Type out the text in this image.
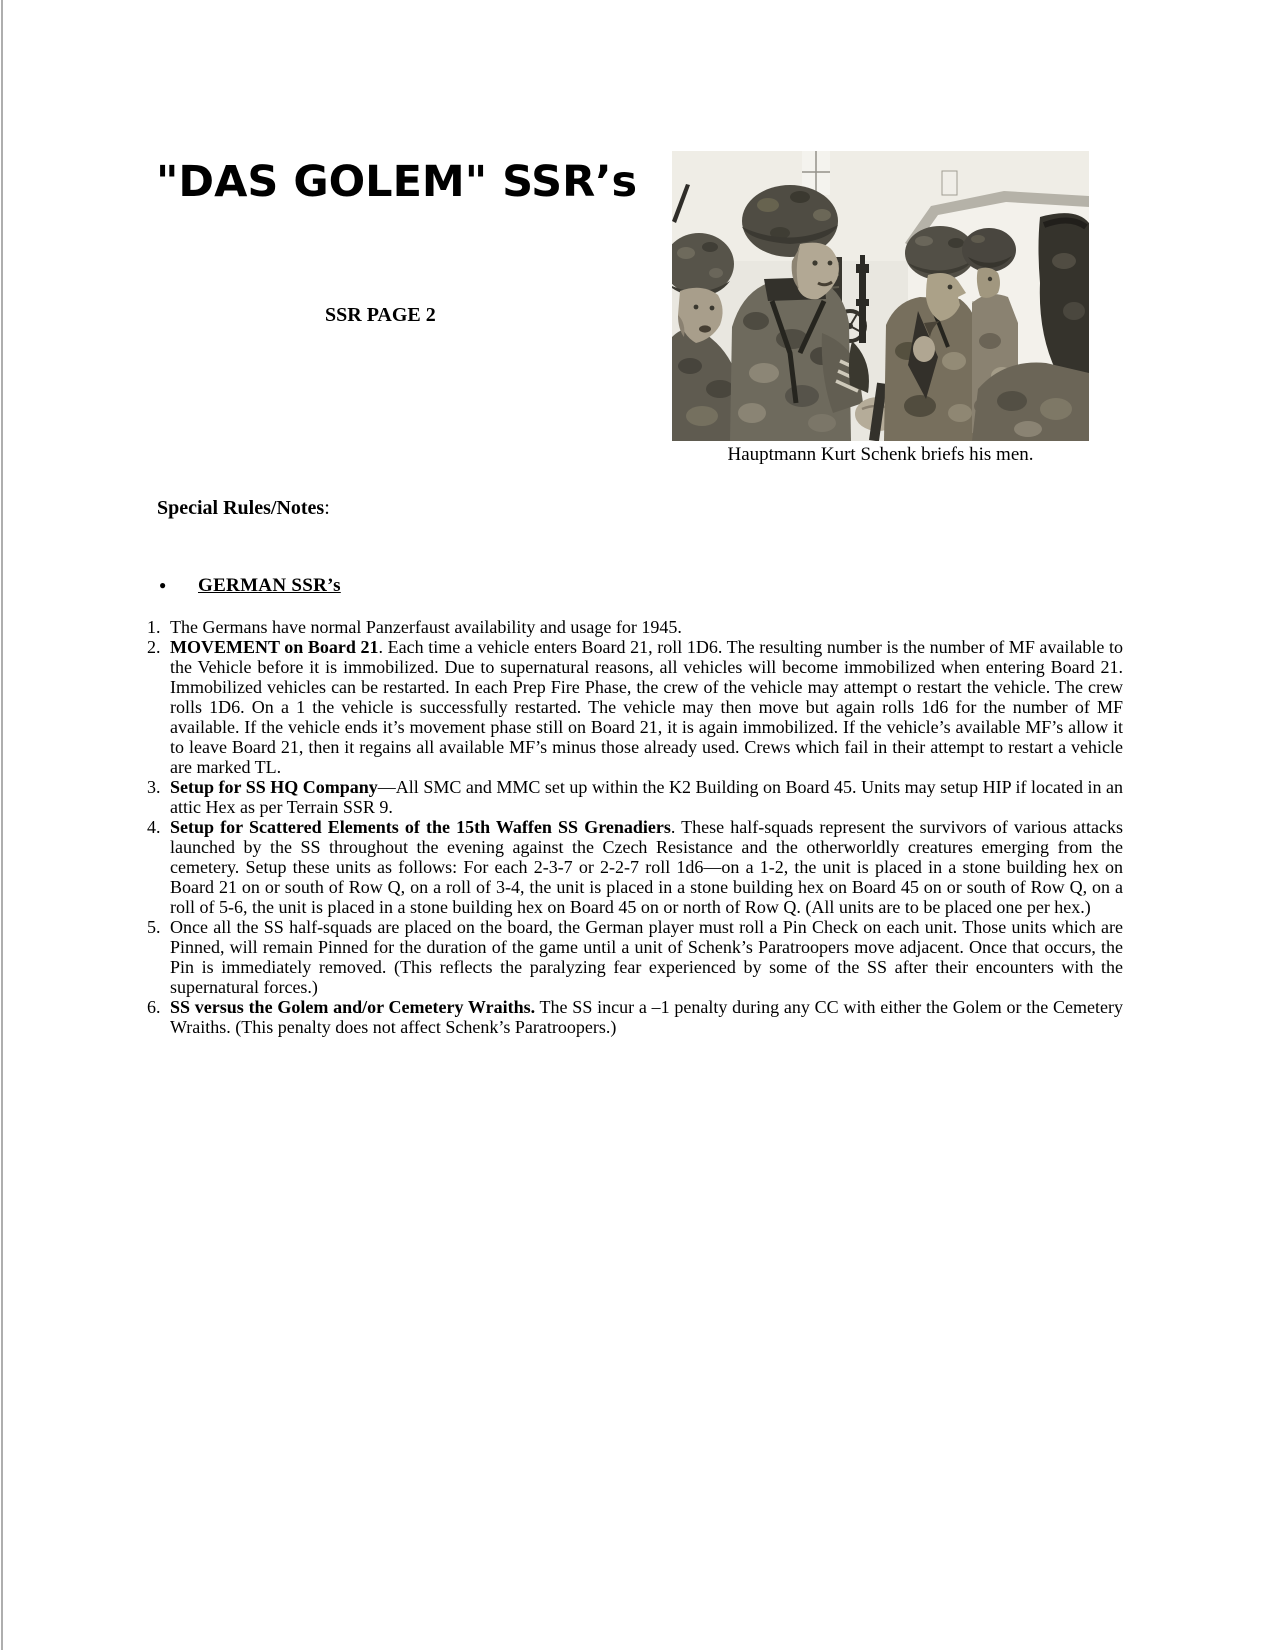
"DAS GOLEM" SSR’s
SSR PAGE 2
Hauptmann Kurt Schenk briefs his men.
Special Rules/Notes:
● GERMAN SSR’s
1. The Germans have normal Panzerfaust availability and usage for 1945.
2. MOVEMENT on Board 21. Each time a vehicle enters Board 21, roll 1D6. The resulting number is the number of MF available to the Vehicle before it is immobilized. Due to supernatural reasons, all vehicles will become immobilized when entering Board 21. Immobilized vehicles can be restarted. In each Prep Fire Phase, the crew of the vehicle may attempt o restart the vehicle. The crew rolls 1D6. On a 1 the vehicle is successfully restarted. The vehicle may then move but again rolls 1d6 for the number of MF available. If the vehicle ends it’s movement phase still on Board 21, it is again immobilized. If the vehicle’s available MF’s allow it to leave Board 21, then it regains all available MF’s minus those already used. Crews which fail in their attempt to restart a vehicle are marked TL.
3. Setup for SS HQ Company—All SMC and MMC set up within the K2 Building on Board 45. Units may setup HIP if located in an attic Hex as per Terrain SSR 9.
4. Setup for Scattered Elements of the 15th Waffen SS Grenadiers. These half-squads represent the survivors of various attacks launched by the SS throughout the evening against the Czech Resistance and the otherworldly creatures emerging from the cemetery. Setup these units as follows: For each 2-3-7 or 2-2-7 roll 1d6—on a 1-2, the unit is placed in a stone building hex on Board 21 on or south of Row Q, on a roll of 3-4, the unit is placed in a stone building hex on Board 45 on or south of Row Q, on a roll of 5-6, the unit is placed in a stone building hex on Board 45 on or north of Row Q. (All units are to be placed one per hex.)
5. Once all the SS half-squads are placed on the board, the German player must roll a Pin Check on each unit. Those units which are Pinned, will remain Pinned for the duration of the game until a unit of Schenk’s Paratroopers move adjacent. Once that occurs, the Pin is immediately removed. (This reflects the paralyzing fear experienced by some of the SS after their encounters with the supernatural forces.)
6. SS versus the Golem and/or Cemetery Wraiths. The SS incur a –1 penalty during any CC with either the Golem or the Cemetery Wraiths. (This penalty does not affect Schenk’s Paratroopers.)
